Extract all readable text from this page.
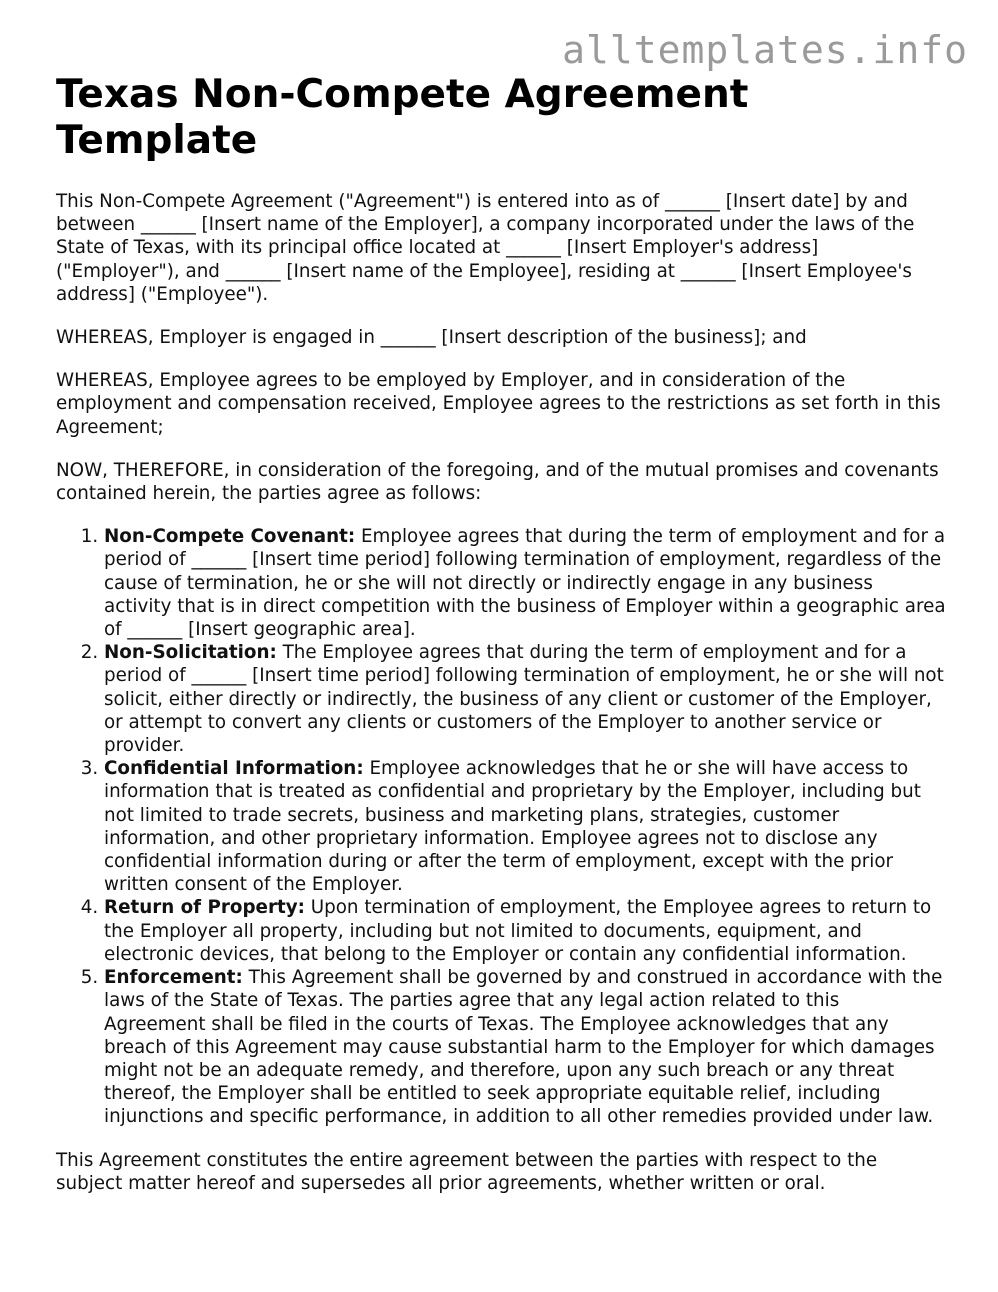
alltemplates.info
Texas Non-Compete Agreement Template

This Non-Compete Agreement ("Agreement") is entered into as of ______ [Insert date] by and between ______ [Insert name of the Employer], a company incorporated under the laws of the State of Texas, with its principal office located at ______ [Insert Employer's address] ("Employer"), and ______ [Insert name of the Employee], residing at ______ [Insert Employee's address] ("Employee").

WHEREAS, Employer is engaged in ______ [Insert description of the business]; and

WHEREAS, Employee agrees to be employed by Employer, and in consideration of the employment and compensation received, Employee agrees to the restrictions as set forth in this Agreement;

NOW, THEREFORE, in consideration of the foregoing, and of the mutual promises and covenants contained herein, the parties agree as follows:

1. Non-Compete Covenant: Employee agrees that during the term of employment and for a period of ______ [Insert time period] following termination of employment, regardless of the cause of termination, he or she will not directly or indirectly engage in any business activity that is in direct competition with the business of Employer within a geographic area of ______ [Insert geographic area].
2. Non-Solicitation: The Employee agrees that during the term of employment and for a period of ______ [Insert time period] following termination of employment, he or she will not solicit, either directly or indirectly, the business of any client or customer of the Employer, or attempt to convert any clients or customers of the Employer to another service or provider.
3. Confidential Information: Employee acknowledges that he or she will have access to information that is treated as confidential and proprietary by the Employer, including but not limited to trade secrets, business and marketing plans, strategies, customer information, and other proprietary information. Employee agrees not to disclose any confidential information during or after the term of employment, except with the prior written consent of the Employer.
4. Return of Property: Upon termination of employment, the Employee agrees to return to the Employer all property, including but not limited to documents, equipment, and electronic devices, that belong to the Employer or contain any confidential information.
5. Enforcement: This Agreement shall be governed by and construed in accordance with the laws of the State of Texas. The parties agree that any legal action related to this Agreement shall be filed in the courts of Texas. The Employee acknowledges that any breach of this Agreement may cause substantial harm to the Employer for which damages might not be an adequate remedy, and therefore, upon any such breach or any threat thereof, the Employer shall be entitled to seek appropriate equitable relief, including injunctions and specific performance, in addition to all other remedies provided under law.

This Agreement constitutes the entire agreement between the parties with respect to the subject matter hereof and supersedes all prior agreements, whether written or oral.
